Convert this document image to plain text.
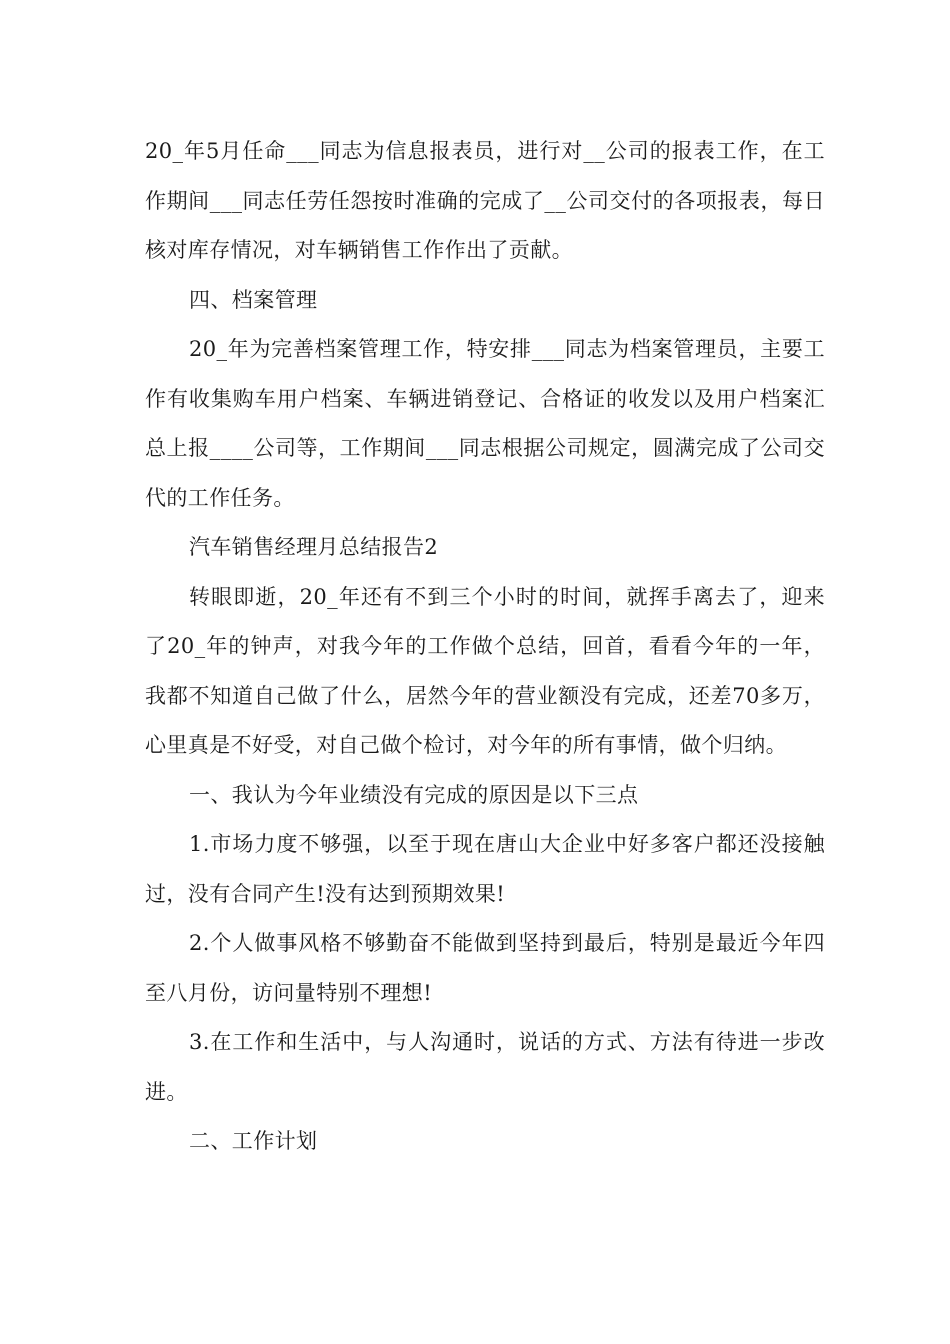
20_年5月任命___同志为信息报表员，进行对__公司的报表工作，在工作期间___同志任劳任怨按时准确的完成了__公司交付的各项报表，每日核对库存情况，对车辆销售工作作出了贡献。

四、档案管理

20_年为完善档案管理工作，特安排___同志为档案管理员，主要工作有收集购车用户档案、车辆进销登记、合格证的收发以及用户档案汇总上报____公司等，工作期间___同志根据公司规定，圆满完成了公司交代的工作任务。

汽车销售经理月总结报告2

转眼即逝，20_年还有不到三个小时的时间，就挥手离去了，迎来了20_年的钟声，对我今年的工作做个总结，回首，看看今年的一年，我都不知道自己做了什么，居然今年的营业额没有完成，还差70多万，心里真是不好受，对自己做个检讨，对今年的所有事情，做个归纳。

一、我认为今年业绩没有完成的原因是以下三点

1.市场力度不够强，以至于现在唐山大企业中好多客户都还没接触过，没有合同产生!没有达到预期效果!

2.个人做事风格不够勤奋不能做到坚持到最后，特别是最近今年四至八月份，访问量特别不理想!

3.在工作和生活中，与人沟通时，说话的方式、方法有待进一步改进。

二、工作计划
